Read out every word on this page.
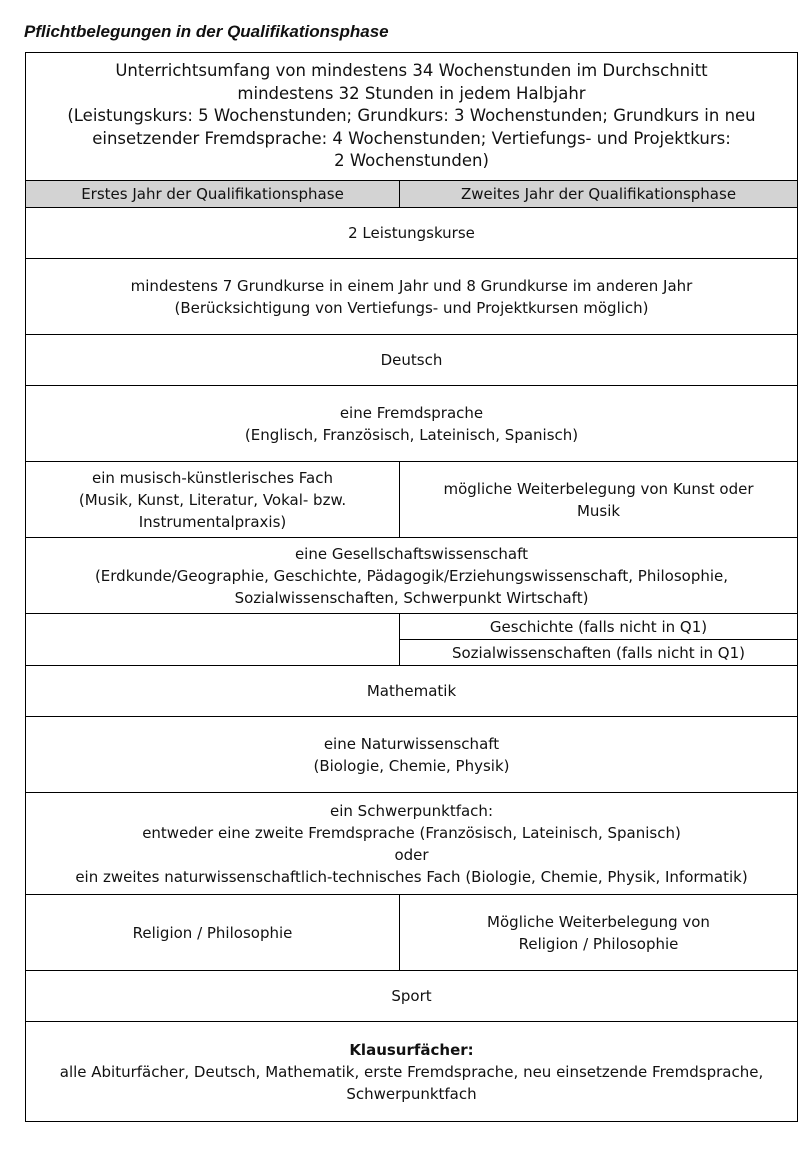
Pflichtbelegungen in der Qualifikationsphase
Unterrichtsumfang von mindestens 34 Wochenstunden im Durchschnitt
mindestens 32 Stunden in jedem Halbjahr
(Leistungskurs: 5 Wochenstunden; Grundkurs: 3 Wochenstunden; Grundkurs in neu
einsetzender Fremdsprache: 4 Wochenstunden; Vertiefungs- und Projektkurs:
2 Wochenstunden)
Erstes Jahr der Qualifikationsphase	Zweites Jahr der Qualifikationsphase
2 Leistungskurse
mindestens 7 Grundkurse in einem Jahr und 8 Grundkurse im anderen Jahr
(Berücksichtigung von Vertiefungs- und Projektkursen möglich)
Deutsch
eine Fremdsprache
(Englisch, Französisch, Lateinisch, Spanisch)
ein musisch-künstlerisches Fach
(Musik, Kunst, Literatur, Vokal- bzw.
Instrumentalpraxis)
mögliche Weiterbelegung von Kunst oder
Musik
eine Gesellschaftswissenschaft
(Erdkunde/Geographie, Geschichte, Pädagogik/Erziehungswissenschaft, Philosophie,
Sozialwissenschaften, Schwerpunkt Wirtschaft)
Geschichte (falls nicht in Q1)
Sozialwissenschaften (falls nicht in Q1)
Mathematik
eine Naturwissenschaft
(Biologie, Chemie, Physik)
ein Schwerpunktfach:
entweder eine zweite Fremdsprache (Französisch, Lateinisch, Spanisch)
oder
ein zweites naturwissenschaftlich-technisches Fach (Biologie, Chemie, Physik, Informatik)
Religion / Philosophie
Mögliche Weiterbelegung von
Religion / Philosophie
Sport
Klausurfächer:
alle Abiturfächer, Deutsch, Mathematik, erste Fremdsprache, neu einsetzende Fremdsprache,
Schwerpunktfach
